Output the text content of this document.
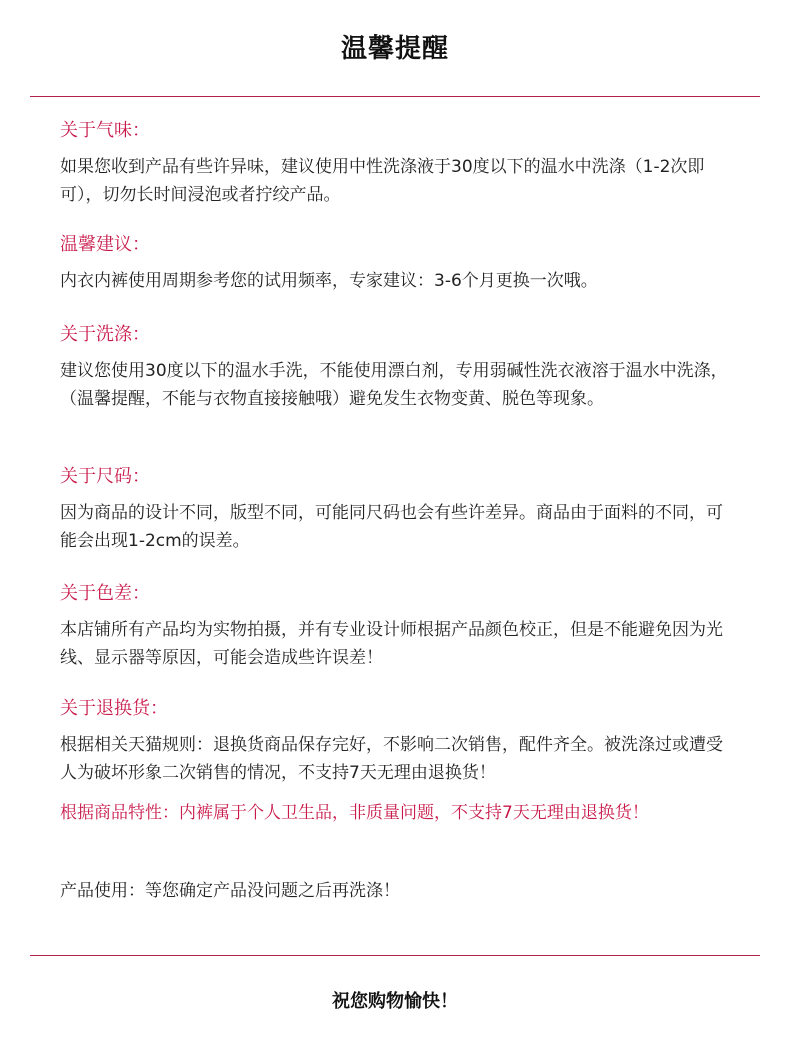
温馨提醒
关于气味：

如果您收到产品有些许异味，建议使用中性洗涤液于30度以下的温水中洗涤（1-2次即可），切勿长时间浸泡或者拧绞产品。

温馨建议：

内衣内裤使用周期参考您的试用频率，专家建议：3-6个月更换一次哦。

关于洗涤：

建议您使用30度以下的温水手洗，不能使用漂白剂，专用弱碱性洗衣液溶于温水中洗涤，（温馨提醒，不能与衣物直接接触哦）避免发生衣物变黄、脱色等现象。

关于尺码：

因为商品的设计不同，版型不同，可能同尺码也会有些许差异。商品由于面料的不同，可能会出现1-2cm的误差。

关于色差：

本店铺所有产品均为实物拍摄，并有专业设计师根据产品颜色校正，但是不能避免因为光线、显示器等原因，可能会造成些许误差！

关于退换货：

根据相关天猫规则：退换货商品保存完好，不影响二次销售，配件齐全。被洗涤过或遭受人为破坏形象二次销售的情况，不支持7天无理由退换货！

根据商品特性：内裤属于个人卫生品，非质量问题，不支持7天无理由退换货！

产品使用：等您确定产品没问题之后再洗涤！

祝您购物愉快！
